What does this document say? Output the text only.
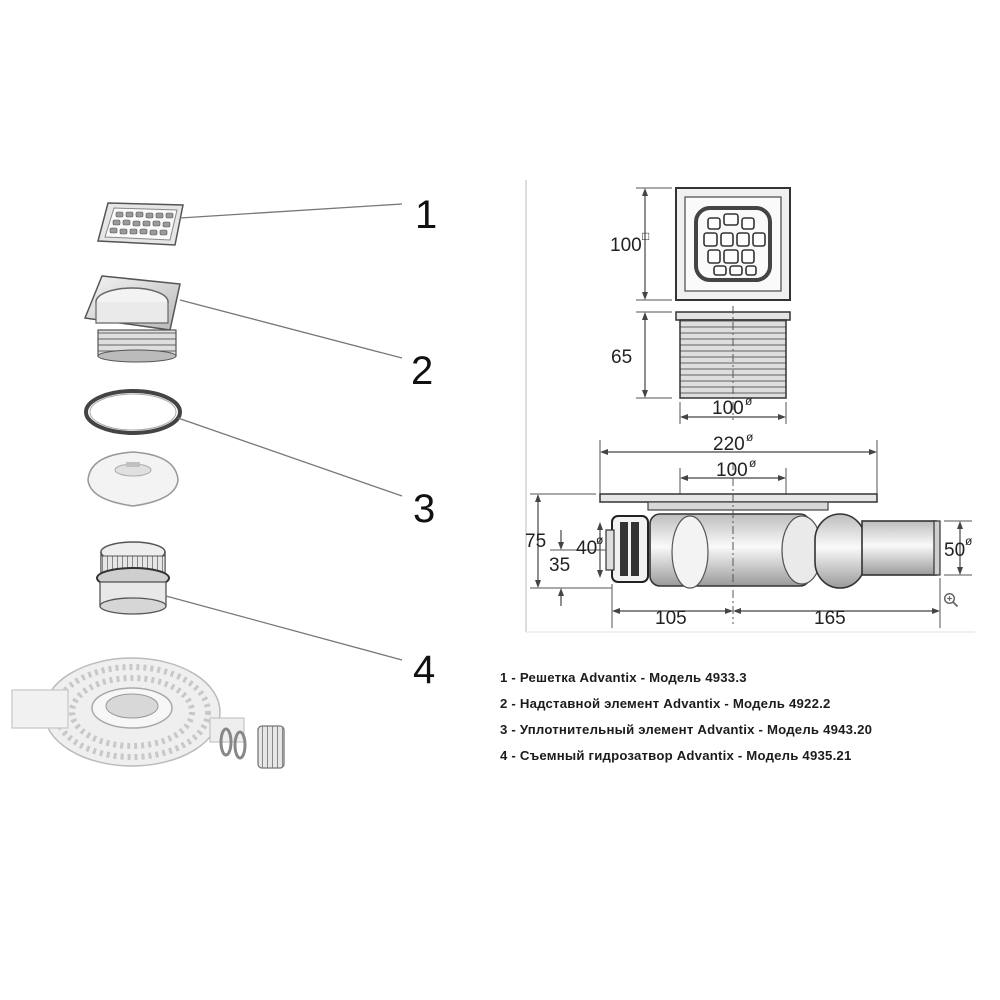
1
2
3
4
100 □
65
100 ø
220 ø
100 ø
75
35
40
ø	50 ø
105	165
1 - Решетка Advantix - Модель 4933.3
2 - Надставной элемент Advantix - Модель 4922.2
3 - Уплотнительный элемент Advantix - Модель 4943.20
4 - Съемный гидрозатвор Advantix - Модель 4935.21
